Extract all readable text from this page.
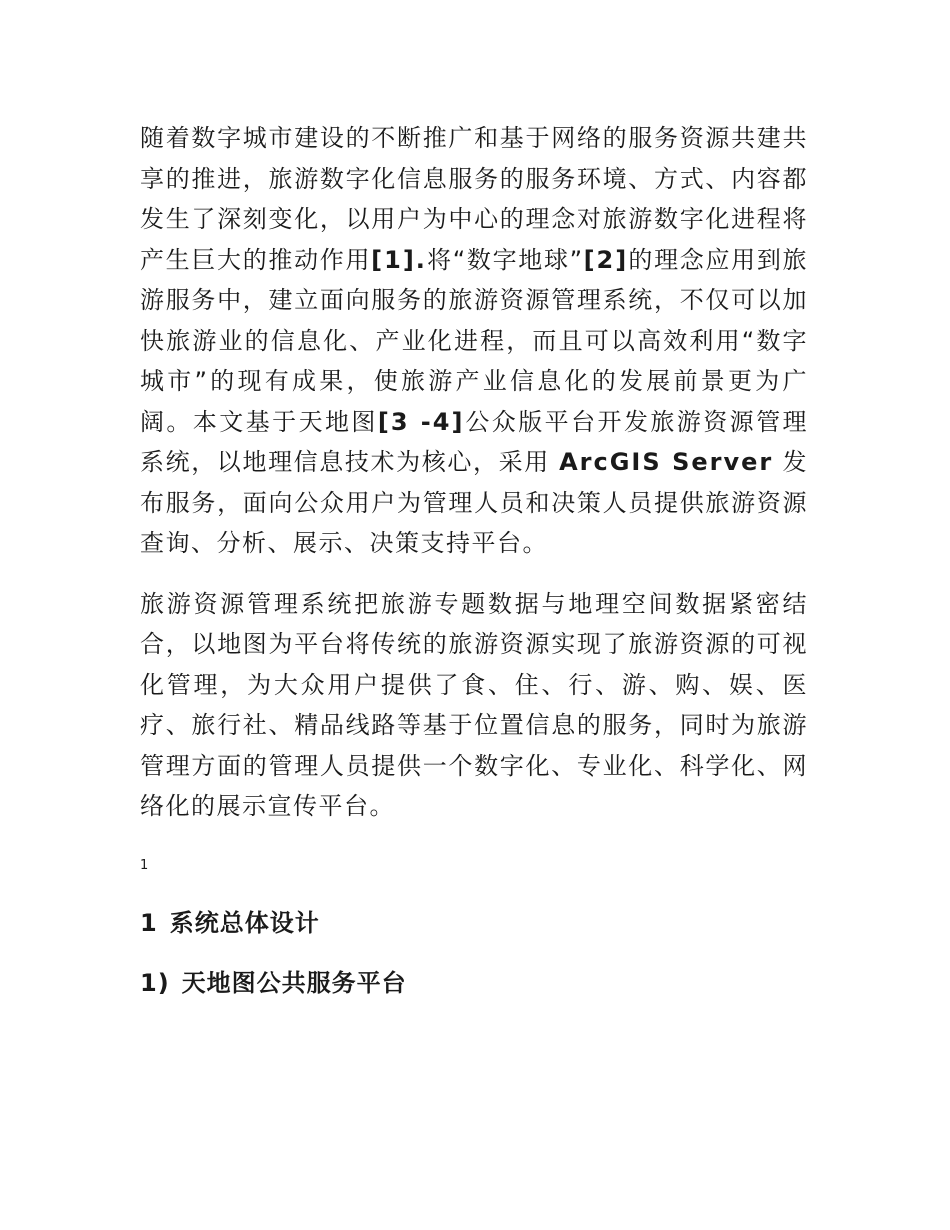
随着数字城市建设的不断推广和基于网络的服务资源共建共享的推进，旅游数字化信息服务的服务环境、方式、内容都发生了深刻变化，以用户为中心的理念对旅游数字化进程将产生巨大的推动作用[1].将“数字地球”[2]的理念应用到旅游服务中，建立面向服务的旅游资源管理系统，不仅可以加快旅游业的信息化、产业化进程，而且可以高效利用“数字城市”的现有成果，使旅游产业信息化的发展前景更为广阔。本文基于天地图[3 -4]公众版平台开发旅游资源管理系统，以地理信息技术为核心，采用 ArcGIS Server 发布服务，面向公众用户为管理人员和决策人员提供旅游资源查询、分析、展示、决策支持平台。

旅游资源管理系统把旅游专题数据与地理空间数据紧密结合，以地图为平台将传统的旅游资源实现了旅游资源的可视化管理，为大众用户提供了食、住、行、游、购、娱、医疗、旅行社、精品线路等基于位置信息的服务，同时为旅游管理方面的管理人员提供一个数字化、专业化、科学化、网络化的展示宣传平台。

1
1 系统总体设计
1) 天地图公共服务平台
